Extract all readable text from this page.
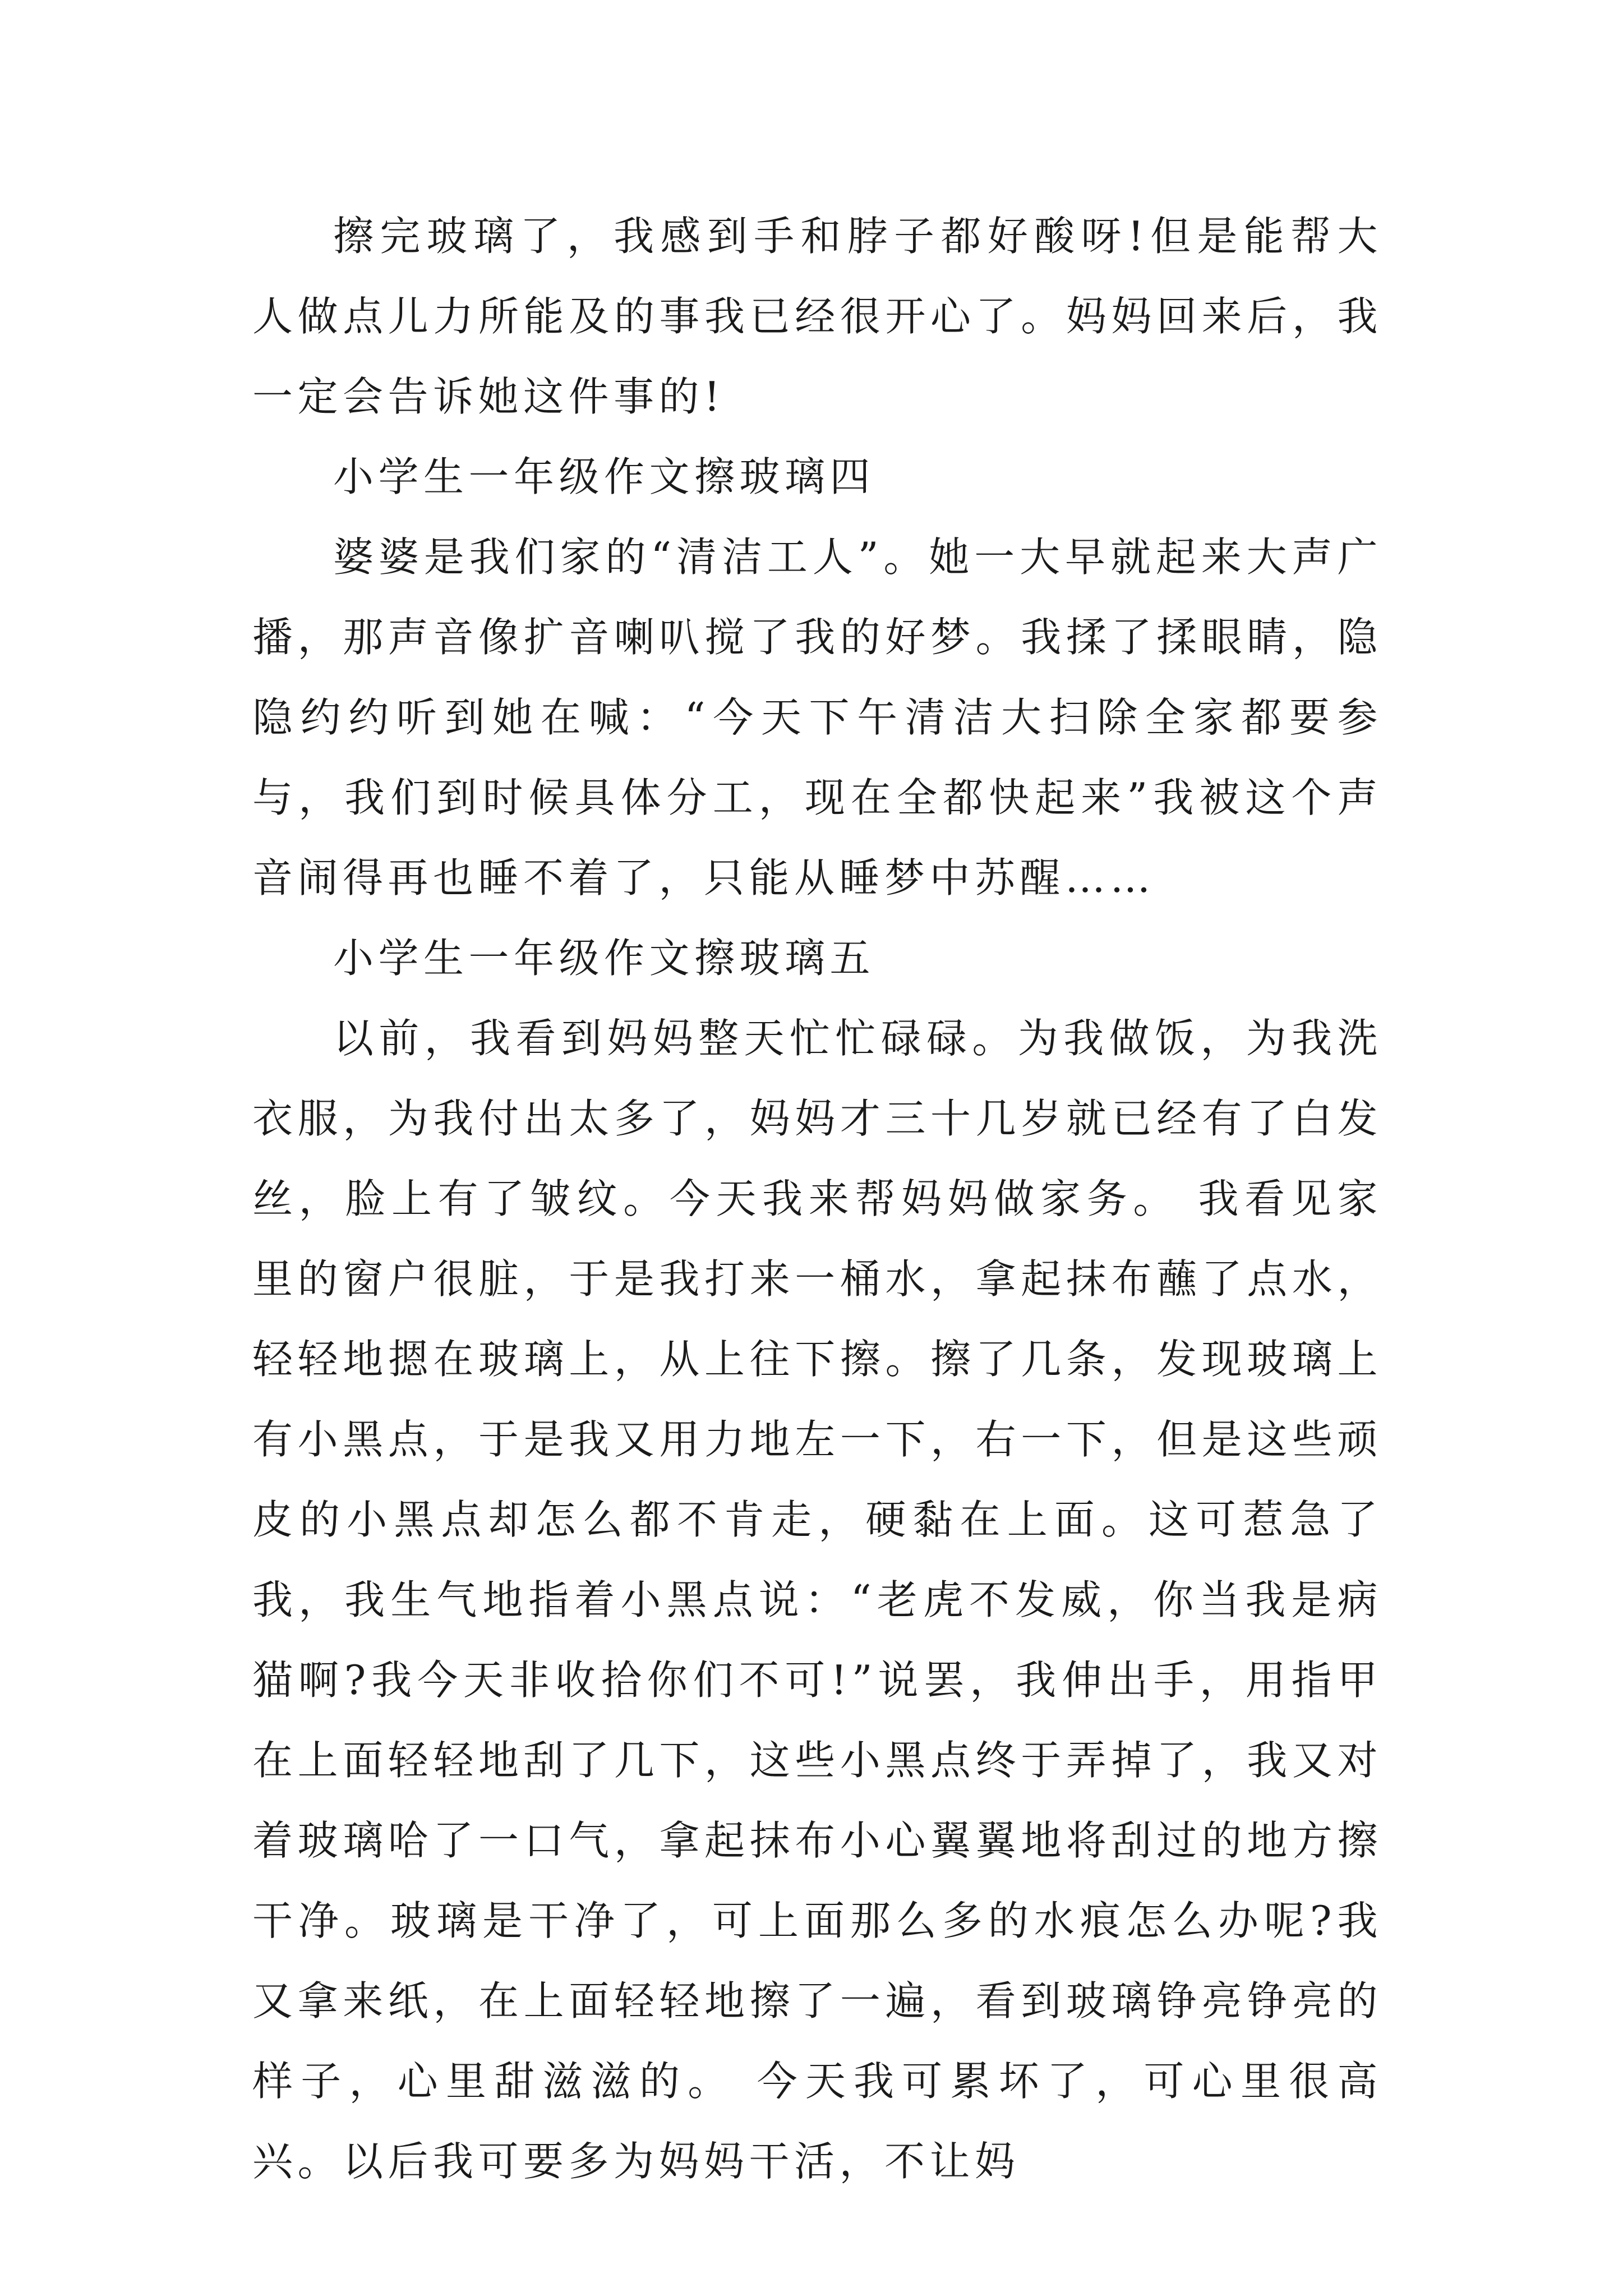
擦完玻璃了，我感到手和脖子都好酸呀!但是能帮大人做点儿力所能及的事我已经很开心了。妈妈回来后，我一定会告诉她这件事的!

小学生一年级作文擦玻璃四

婆婆是我们家的“清洁工人”。她一大早就起来大声广播，那声音像扩音喇叭搅了我的好梦。我揉了揉眼睛，隐隐约约听到她在喊：“今天下午清洁大扫除全家都要参与，我们到时候具体分工，现在全都快起来”我被这个声音闹得再也睡不着了，只能从睡梦中苏醒……

小学生一年级作文擦玻璃五

以前，我看到妈妈整天忙忙碌碌。为我做饭，为我洗衣服，为我付出太多了，妈妈才三十几岁就已经有了白发丝，脸上有了皱纹。今天我来帮妈妈做家务。 我看见家里的窗户很脏，于是我打来一桶水，拿起抹布蘸了点水，轻轻地摁在玻璃上，从上往下擦。擦了几条，发现玻璃上有小黑点，于是我又用力地左一下，右一下，但是这些顽皮的小黑点却怎么都不肯走，硬黏在上面。这可惹急了我，我生气地指着小黑点说：“老虎不发威，你当我是病猫啊?我今天非收拾你们不可!”说罢，我伸出手，用指甲在上面轻轻地刮了几下，这些小黑点终于弄掉了，我又对着玻璃哈了一口气，拿起抹布小心翼翼地将刮过的地方擦干净。玻璃是干净了，可上面那么多的水痕怎么办呢?我又拿来纸，在上面轻轻地擦了一遍，看到玻璃铮亮铮亮的样子，心里甜滋滋的。 今天我可累坏了，可心里很高兴。以后我可要多为妈妈干活，不让妈
